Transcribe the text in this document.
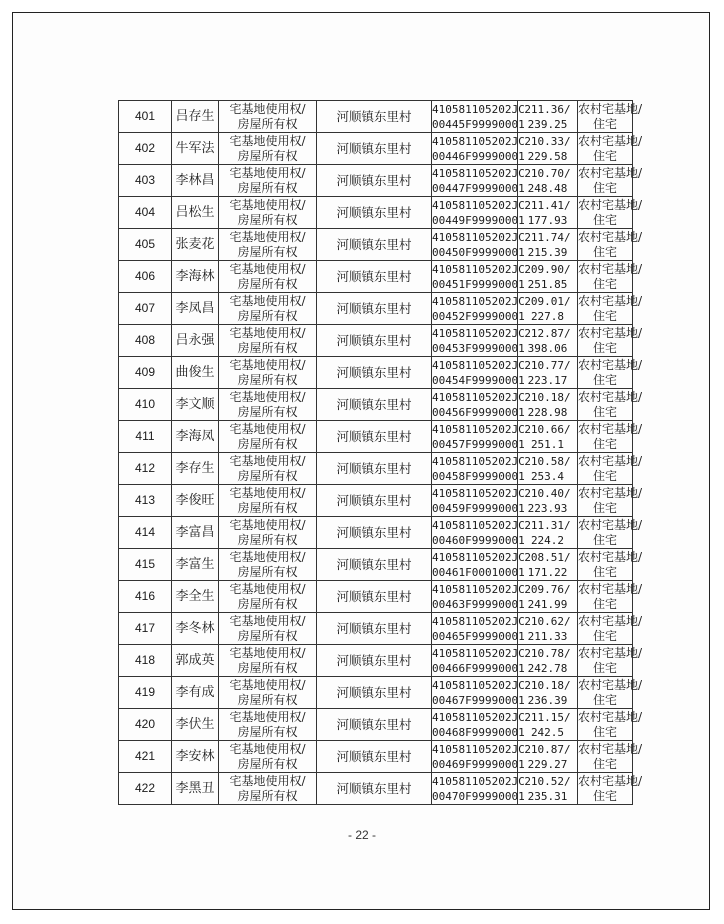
401	吕存生	宅基地使用权/
房屋所有权	河顺镇东里村	410581105202JC
00445F99990001	211.36/
239.25	农村宅基地/
住宅

402	牛军法	宅基地使用权/
房屋所有权	河顺镇东里村	410581105202JC
00446F99990001	210.33/
229.58	农村宅基地/
住宅

403	李林昌	宅基地使用权/
房屋所有权	河顺镇东里村	410581105202JC
00447F99990001	210.70/
248.48	农村宅基地/
住宅

404	吕松生	宅基地使用权/
房屋所有权	河顺镇东里村	410581105202JC
00449F99990001	211.41/
177.93	农村宅基地/
住宅

405	张麦花	宅基地使用权/
房屋所有权	河顺镇东里村	410581105202JC
00450F99990001	211.74/
215.39	农村宅基地/
住宅

406	李海林	宅基地使用权/
房屋所有权	河顺镇东里村	410581105202JC
00451F99990001	209.90/
251.85	农村宅基地/
住宅

407	李凤昌	宅基地使用权/
房屋所有权	河顺镇东里村	410581105202JC
00452F99990001	209.01/
227.8	农村宅基地/
住宅

408	吕永强	宅基地使用权/
房屋所有权	河顺镇东里村	410581105202JC
00453F99990001	212.87/
398.06	农村宅基地/
住宅

409	曲俊生	宅基地使用权/
房屋所有权	河顺镇东里村	410581105202JC
00454F99990001	210.77/
223.17	农村宅基地/
住宅

410	李文顺	宅基地使用权/
房屋所有权	河顺镇东里村	410581105202JC
00456F99990001	210.18/
228.98	农村宅基地/
住宅

411	李海凤	宅基地使用权/
房屋所有权	河顺镇东里村	410581105202JC
00457F99990001	210.66/
251.1	农村宅基地/
住宅

412	李存生	宅基地使用权/
房屋所有权	河顺镇东里村	410581105202JC
00458F99990001	210.58/
253.4	农村宅基地/
住宅

413	李俊旺	宅基地使用权/
房屋所有权	河顺镇东里村	410581105202JC
00459F99990001	210.40/
223.93	农村宅基地/
住宅

414	李富昌	宅基地使用权/
房屋所有权	河顺镇东里村	410581105202JC
00460F99990001	211.31/
224.2	农村宅基地/
住宅

415	李富生	宅基地使用权/
房屋所有权	河顺镇东里村	410581105202JC
00461F00010001	208.51/
171.22	农村宅基地/
住宅

416	李全生	宅基地使用权/
房屋所有权	河顺镇东里村	410581105202JC
00463F99990001	209.76/
241.99	农村宅基地/
住宅

417	李冬林	宅基地使用权/
房屋所有权	河顺镇东里村	410581105202JC
00465F99990001	210.62/
211.33	农村宅基地/
住宅

418	郭成英	宅基地使用权/
房屋所有权	河顺镇东里村	410581105202JC
00466F99990001	210.78/
242.78	农村宅基地/
住宅

419	李有成	宅基地使用权/
房屋所有权	河顺镇东里村	410581105202JC
00467F99990001	210.18/
236.39	农村宅基地/
住宅

420	李伏生	宅基地使用权/
房屋所有权	河顺镇东里村	410581105202JC
00468F99990001	211.15/
242.5	农村宅基地/
住宅

421	李安林	宅基地使用权/
房屋所有权	河顺镇东里村	410581105202JC
00469F99990001	210.87/
229.27	农村宅基地/
住宅

422	李黑丑	宅基地使用权/
房屋所有权	河顺镇东里村	410581105202JC
00470F99990001	210.52/
235.31	农村宅基地/
住宅
- 22 -
